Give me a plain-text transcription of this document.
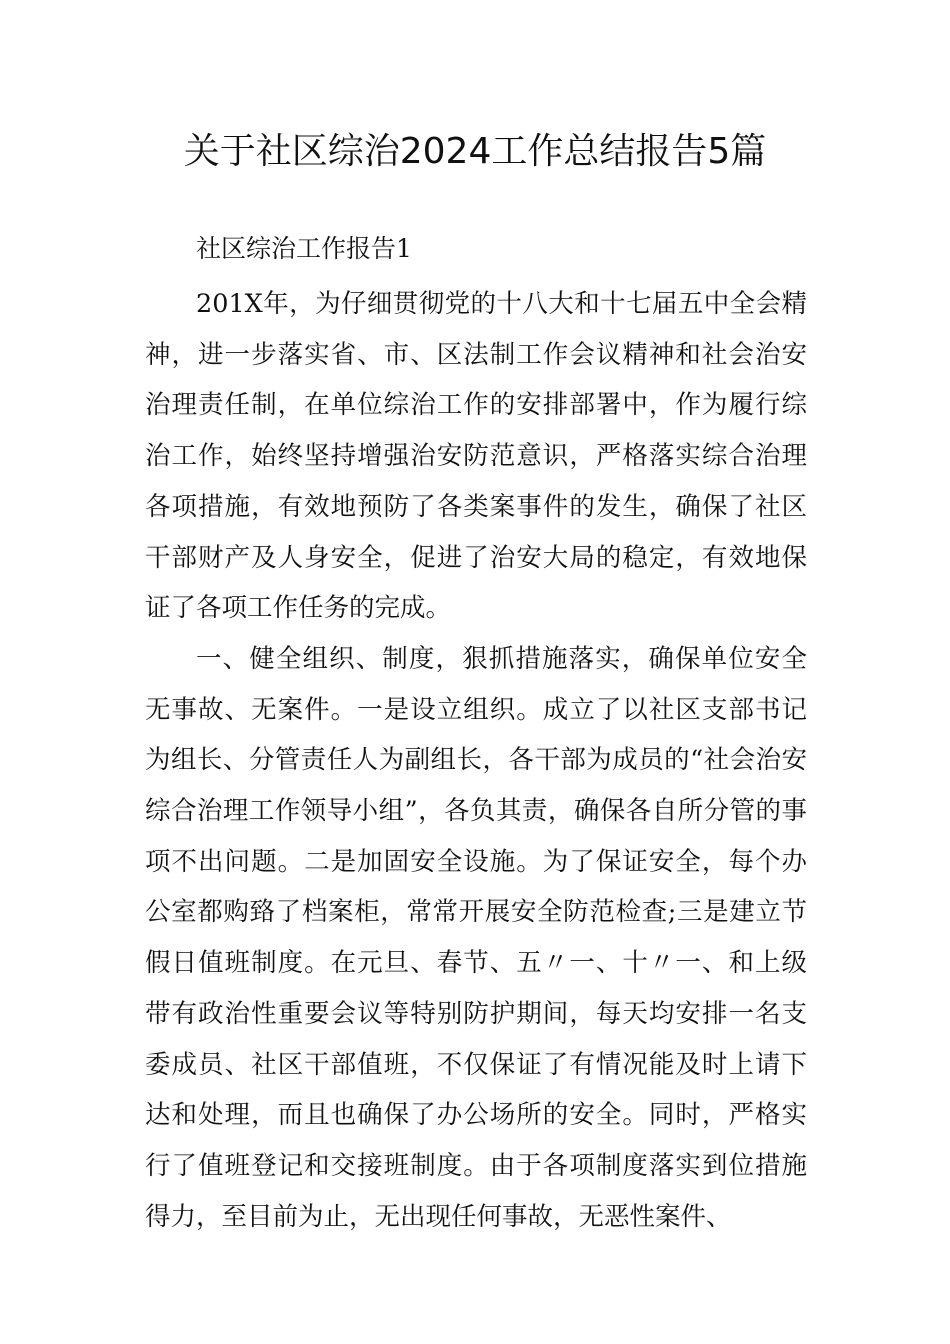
关于社区综治2024工作总结报告5篇

社区综治工作报告1

201X年，为仔细贯彻党的十八大和十七届五中全会精神，进一步落实省、市、区法制工作会议精神和社会治安治理责任制，在单位综治工作的安排部署中，作为履行综治工作，始终坚持增强治安防范意识，严格落实综合治理各项措施，有效地预防了各类案事件的发生，确保了社区干部财产及人身安全，促进了治安大局的稳定，有效地保证了各项工作任务的完成。

一、健全组织、制度，狠抓措施落实，确保单位安全无事故、无案件。一是设立组织。成立了以社区支部书记为组长、分管责任人为副组长，各干部为成员的“社会治安综合治理工作领导小组”，各负其责，确保各自所分管的事项不出问题。二是加固安全设施。为了保证安全，每个办公室都购臵了档案柜，常常开展安全防范检查;三是建立节假日值班制度。在元旦、春节、五〃一、十〃一、和上级带有政治性重要会议等特别防护期间，每天均安排一名支委成员、社区干部值班，不仅保证了有情况能及时上请下达和处理，而且也确保了办公场所的安全。同时，严格实行了值班登记和交接班制度。由于各项制度落实到位措施得力，至目前为止，无出现任何事故，无恶性案件、
